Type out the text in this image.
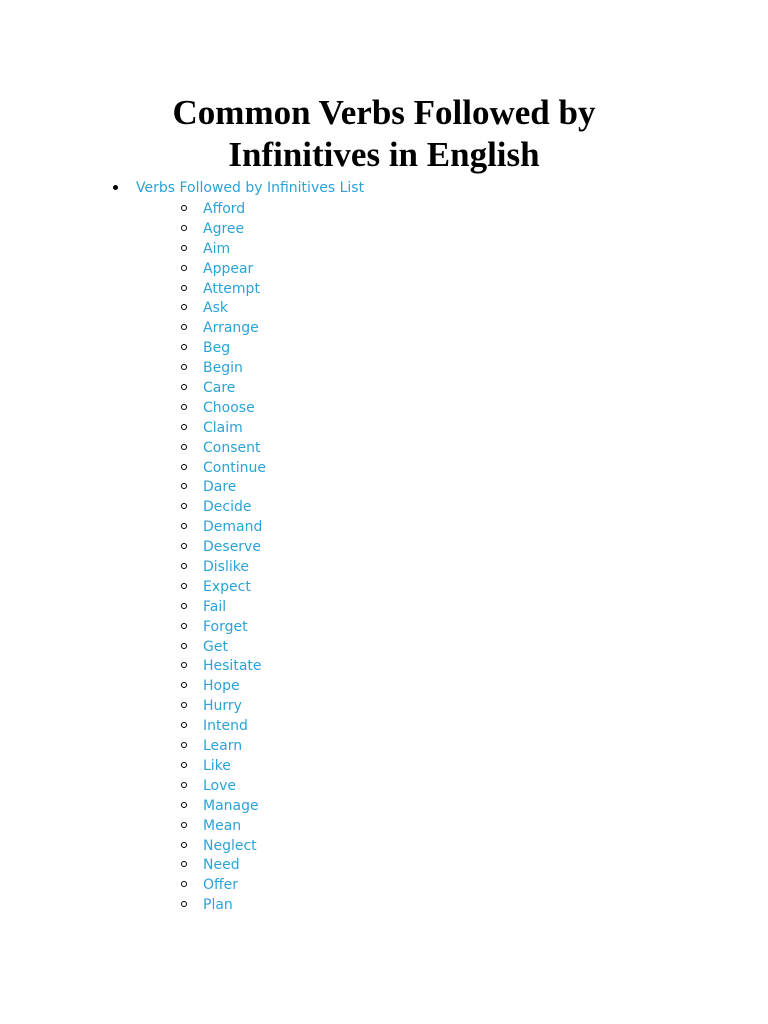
Common Verbs Followed by
Infinitives in English
Verbs Followed by Infinitives List
Afford
Agree
Aim
Appear
Attempt
Ask
Arrange
Beg
Begin
Care
Choose
Claim
Consent
Continue
Dare
Decide
Demand
Deserve
Dislike
Expect
Fail
Forget
Get
Hesitate
Hope
Hurry
Intend
Learn
Like
Love
Manage
Mean
Neglect
Need
Offer
Plan
